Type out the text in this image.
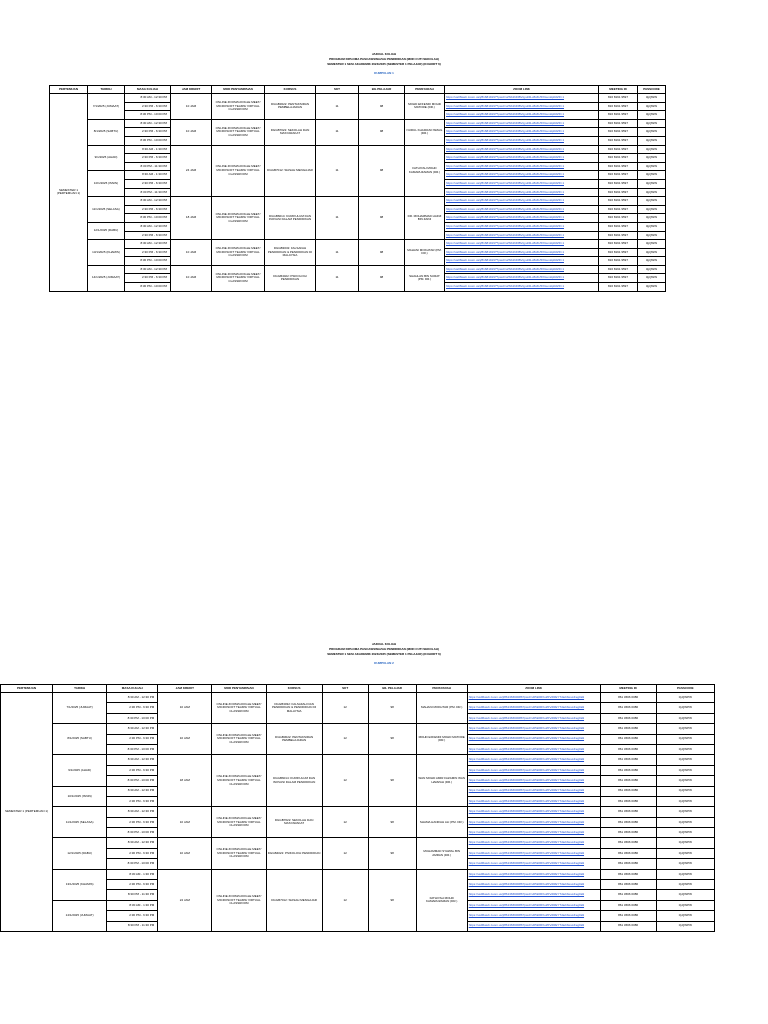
JADUAL KULIAH
PROGRAM DIPLOMA PASCASISWAZAH PENDIDIKAN (MOD CUTI SEKOLAH)
SEMESTER 1 SESI AKADEMIK 2024/2025 (SEMESTER 1 PELAJAR) (KOHORT 6)
KUMPULAN 1
PERTEMUAN	TARIKH	MASA KULIAH	JAM KREDIT	MOD PENYAMPAIAN	KURSUS	SKT	BIL PELAJAR	PENSYARAH	ZOOM LINK	MEETING ID	PASSCODE
SEMESTER 1 (PERTEMUAN 1)	7/1/2025 (JUMAAT)	8:30 AM - 12:30 PM	10 JAM	ONLINE ZOOM/GOOGLE MEET/ MICROSOFT TEAMS/ VIRTUAL CLASSROOM	DGGB3022: PENTAKSIRAN PEMBELAJARAN	11	98	MOHD EFFENDI MOHD MATORE (DR.)	https://us06web.zoom.us/j/81681919??pwd=xZNb1NDBVqyuDlLx8s6U5XGunHpb0ZFI.1	816 8191 9597	ifgQWW
		2:30 PM - 6:30 PM							https://us06web.zoom.us/j/81681919??pwd=xZNb1NDBVqyuDlLx8s6U5XGunHpb0ZFI.1	816 8191 9597	ifgQWW
		8:30 PM - 10:00 PM							https://us06web.zoom.us/j/81681919??pwd=xZNb1NDBVqyuDlLx8s6U5XGunHpb0ZFI.1	816 8191 9597	ifgQWW
	8/1/2025 (SABTU)	8:30 AM - 12:30 PM	10 JAM	ONLINE ZOOM/GOOGLE MEET/ MICROSOFT TEAMS/ VIRTUAL CLASSROOM	DGGB7022: SEKOLAH DAN MASYARAKAT	11	98	NURUL KHAIRANI ISMAIL (DR.)	https://us06web.zoom.us/j/81681919??pwd=xZNb1NDBVqyuDlLx8s6U5XGunHpb0ZFI.1	816 8191 9597	ifgQWW
		2:30 PM - 6:30 PM							https://us06web.zoom.us/j/81681919??pwd=xZNb1NDBVqyuDlLx8s6U5XGunHpb0ZFI.1	816 8191 9597	ifgQWW
		8:30 PM - 10:00 PM							https://us06web.zoom.us/j/81681919??pwd=xZNb1NDBVqyuDlLx8s6U5XGunHpb0ZFI.1	816 8191 9597	ifgQWW
	9/1/2025 (AHAD)	8:30 AM - 1:30 PM	24 JAM	ONLINE ZOOM/GOOGLE MEET/ MICROSOFT TEAMS/ VIRTUAL CLASSROOM	DGGB7012: SIASAH MENGAJAR	11	98	FATHIYAH MOHD KAMARUZAMAN (DR.)	https://us06web.zoom.us/j/81681919??pwd=xZNb1NDBVqyuDlLx8s6U5XGunHpb0ZFI.1	816 8191 9597	ifgQWW
		2:30 PM - 6:30 PM							https://us06web.zoom.us/j/81681919??pwd=xZNb1NDBVqyuDlLx8s6U5XGunHpb0ZFI.1	816 8191 9597	ifgQWW
		8:30 PM - 11:30 PM							https://us06web.zoom.us/j/81681919??pwd=xZNb1NDBVqyuDlLx8s6U5XGunHpb0ZFI.1	816 8191 9597	ifgQWW
	10/1/2025 (ISNIN)	8:30 AM - 1:30 PM							https://us06web.zoom.us/j/81681919??pwd=xZNb1NDBVqyuDlLx8s6U5XGunHpb0ZFI.1	816 8191 9597	ifgQWW
		2:30 PM - 6:30 PM							https://us06web.zoom.us/j/81681919??pwd=xZNb1NDBVqyuDlLx8s6U5XGunHpb0ZFI.1	816 8191 9597	ifgQWW
		8:30 PM - 11:30 PM							https://us06web.zoom.us/j/81681919??pwd=xZNb1NDBVqyuDlLx8s6U5XGunHpb0ZFI.1	816 8191 9597	ifgQWW
	11/1/2025 (SELASA)	8:30 AM - 12:30 PM	18 JAM	ONLINE ZOOM/GOOGLE MEET/ MICROSOFT TEAMS/ VIRTUAL CLASSROOM	DGGB6014: KURIKULUM DAN INOVASI DALAM PENDIDIKAN	11	98	DR. MOHAMMAD HAFIZ BIN ZAINI	https://us06web.zoom.us/j/81681919??pwd=xZNb1NDBVqyuDlLx8s6U5XGunHpb0ZFI.1	816 8191 9597	ifgQWW
		2:30 PM - 6:30 PM							https://us06web.zoom.us/j/81681919??pwd=xZNb1NDBVqyuDlLx8s6U5XGunHpb0ZFI.1	816 8191 9597	ifgQWW
		8:30 PM - 10:00 PM							https://us06web.zoom.us/j/81681919??pwd=xZNb1NDBVqyuDlLx8s6U5XGunHpb0ZFI.1	816 8191 9597	ifgQWW
	12/1/2025 (RABU)	8:30 AM - 12:30 PM							https://us06web.zoom.us/j/81681919??pwd=xZNb1NDBVqyuDlLx8s6U5XGunHpb0ZFI.1	816 8191 9597	ifgQWW
		2:30 PM - 6:30 PM							https://us06web.zoom.us/j/81681919??pwd=xZNb1NDBVqyuDlLx8s6U5XGunHpb0ZFI.1	816 8191 9597	ifgQWW
	13/1/2025 (KHAMIS)	8:30 AM - 12:30 PM	10 JAM	ONLINE ZOOM/GOOGLE MEET/ MICROSOFT TEAMS/ VIRTUAL CLASSROOM	DGGB3032: FALSAFAH PENDIDIKAN & PENDIDIKAN DI MALAYSIA	11	98	MAHANI MOKHTAR (PM. DR.)	https://us06web.zoom.us/j/81681919??pwd=xZNb1NDBVqyuDlLx8s6U5XGunHpb0ZFI.1	816 8191 9597	ifgQWW
		2:30 PM - 6:30 PM							https://us06web.zoom.us/j/81681919??pwd=xZNb1NDBVqyuDlLx8s6U5XGunHpb0ZFI.1	816 8191 9597	ifgQWW
		8:30 PM - 10:00 PM							https://us06web.zoom.us/j/81681919??pwd=xZNb1NDBVqyuDlLx8s6U5XGunHpb0ZFI.1	816 8191 9597	ifgQWW
	14/1/2025 (JUMAAT)	8:30 AM - 12:30 PM	10 JAM	ONLINE ZOOM/GOOGLE MEET/ MICROSOFT TEAMS/ VIRTUAL CLASSROOM	DGGB4022: PSIKOLOGI PENDIDIKAN	11	98	SHAHLAN BIN SURAT (PM. DR.)	https://us06web.zoom.us/j/81681919??pwd=xZNb1NDBVqyuDlLx8s6U5XGunHpb0ZFI.1	816 8191 9597	ifgQWW
		2:30 PM - 6:30 PM							https://us06web.zoom.us/j/81681919??pwd=xZNb1NDBVqyuDlLx8s6U5XGunHpb0ZFI.1	816 8191 9597	ifgQWW
		8:30 PM - 10:00 PM							https://us06web.zoom.us/j/81681919??pwd=xZNb1NDBVqyuDlLx8s6U5XGunHpb0ZFI.1	816 8191 9597	ifgQWW
JADUAL KULIAH
PROGRAM DIPLOMA PASCASISWAZAH PENDIDIKAN (MOD CUTI SEKOLAH)
SEMESTER 1 SESI AKADEMIK 2024/2025 (SEMESTER 1 PELAJAR) (KOHORT 6)
KUMPULAN 2
PERTEMUAN	TARIKH	MASA KULIAH	JAM KREDIT	MOD PENYAMPAIAN	KURSUS	SKT	BIL PELAJAR	PENSYARAH	ZOOM LINK	MEETING ID	PASSCODE
SEMESTER 1 (PERTEMUAN 1)	7/1/2025 (JUMAAT)	8:30 AM - 12:30 PM	10 JAM	ONLINE ZOOM/GOOGLE MEET/ MICROSOFT TEAMS/ VIRTUAL CLASSROOM	DGGB3032: FALSAFAH DAN PENDIDIKAN & PENDIDIKAN DI MALAYSIA	12	98	MAHANI MOKHTAR (PM. DR.)	https://us06web.zoom.us/j/86136660086?pwd=vD5k0RXuZFVdREYTdiebbwuxFeg0a9	861 3666 0086	0yQWPW
		2:30 PM - 6:30 PM							https://us06web.zoom.us/j/86136660086?pwd=vD5k0RXuZFVdREYTdiebbwuxFeg0a9	861 3666 0086	0yQWPW
		8:30 PM - 10:00 PM							https://us06web.zoom.us/j/86136660086?pwd=vD5k0RXuZFVdREYTdiebbwuxFeg0a9	861 3666 0086	0yQWPW
	8/1/2025 (SABTU)	8:30 AM - 12:30 PM	10 JAM	ONLINE ZOOM/GOOGLE MEET/ MICROSOFT TEAMS/ VIRTUAL CLASSROOM	DGGB3022: PENTAKSIRAN PEMBELAJARAN	12	98	MOHD EFFENDI MOHD MATORE (DR.)	https://us06web.zoom.us/j/86136660086?pwd=vD5k0RXuZFVdREYTdiebbwuxFeg0a9	861 3666 0086	0yQWPW
		2:30 PM - 6:30 PM							https://us06web.zoom.us/j/86136660086?pwd=vD5k0RXuZFVdREYTdiebbwuxFeg0a9	861 3666 0086	0yQWPW
		8:30 PM - 10:00 PM							https://us06web.zoom.us/j/86136660086?pwd=vD5k0RXuZFVdREYTdiebbwuxFeg0a9	861 3666 0086	0yQWPW
	9/1/2025 (AHAD)	8:30 AM - 12:30 PM	18 JAM	ONLINE ZOOM/GOOGLE MEET/ MICROSOFT TEAMS/ VIRTUAL CLASSROOM	DGGB6014: KURIKULUM DAN INOVASI DALAM PENDIDIKAN	12	98	WAN MOHD AMIR FAZAMIN WAN HAMZAH (DR.)	https://us06web.zoom.us/j/86136660086?pwd=vD5k0RXuZFVdREYTdiebbwuxFeg0a9	861 3666 0086	0yQWPW
		2:30 PM - 6:30 PM							https://us06web.zoom.us/j/86136660086?pwd=vD5k0RXuZFVdREYTdiebbwuxFeg0a9	861 3666 0086	0yQWPW
		8:30 PM - 10:00 PM							https://us06web.zoom.us/j/86136660086?pwd=vD5k0RXuZFVdREYTdiebbwuxFeg0a9	861 3666 0086	0yQWPW
	10/1/2025 (ISNIN)	8:30 AM - 12:30 PM							https://us06web.zoom.us/j/86136660086?pwd=vD5k0RXuZFVdREYTdiebbwuxFeg0a9	861 3666 0086	0yQWPW
		2:30 PM - 6:30 PM							https://us06web.zoom.us/j/86136660086?pwd=vD5k0RXuZFVdREYTdiebbwuxFeg0a9	861 3666 0086	0yQWPW
	11/1/2025 (SELASA)	8:30 AM - 12:30 PM	10 JAM	ONLINE ZOOM/GOOGLE MEET/ MICROSOFT TEAMS/ VIRTUAL CLASSROOM	DGGB7022: SEKOLAH DAN MASYARAKAT	12	98	SHAMA HANIFAH ALI (PM. DR.)	https://us06web.zoom.us/j/86136660086?pwd=vD5k0RXuZFVdREYTdiebbwuxFeg0a9	861 3666 0086	0yQWPW
		2:30 PM - 6:30 PM							https://us06web.zoom.us/j/86136660086?pwd=vD5k0RXuZFVdREYTdiebbwuxFeg0a9	861 3666 0086	0yQWPW
		8:30 PM - 10:00 PM							https://us06web.zoom.us/j/86136660086?pwd=vD5k0RXuZFVdREYTdiebbwuxFeg0a9	861 3666 0086	0yQWPW
	12/1/2025 (RABU)	8:30 AM - 12:30 PM	10 JAM	ONLINE ZOOM/GOOGLE MEET/ MICROSOFT TEAMS/ VIRTUAL CLASSROOM	DGGB4022: PSIKOLOGI PENDIDIKAN	12	98	MUHAMMAD SYAWAL BIN AMRAN (DR.)	https://us06web.zoom.us/j/86136660086?pwd=vD5k0RXuZFVdREYTdiebbwuxFeg0a9	861 3666 0086	0yQWPW
		2:30 PM - 6:30 PM							https://us06web.zoom.us/j/86136660086?pwd=vD5k0RXuZFVdREYTdiebbwuxFeg0a9	861 3666 0086	0yQWPW
		8:30 PM - 10:00 PM							https://us06web.zoom.us/j/86136660086?pwd=vD5k0RXuZFVdREYTdiebbwuxFeg0a9	861 3666 0086	0yQWPW
	13/1/2025 (KHAMIS)	8:30 AM - 1:30 PM	24 JAM	ONLINE ZOOM/GOOGLE MEET/ MICROSOFT TEAMS/ VIRTUAL CLASSROOM	DGGB7012: SIASAH MENGAJAR	12	98	FATHIYAH MOHD KAMARUZAMAN (DR.)	https://us06web.zoom.us/j/86136660086?pwd=vD5k0RXuZFVdREYTdiebbwuxFeg0a9	861 3666 0086	0yQWPW
		2:30 PM - 6:30 PM							https://us06web.zoom.us/j/86136660086?pwd=vD5k0RXuZFVdREYTdiebbwuxFeg0a9	861 3666 0086	0yQWPW
		8:30 PM - 11:30 PM							https://us06web.zoom.us/j/86136660086?pwd=vD5k0RXuZFVdREYTdiebbwuxFeg0a9	861 3666 0086	0yQWPW
	14/1/2025 (JUMAAT)	8:30 AM - 1:30 PM							https://us06web.zoom.us/j/86136660086?pwd=vD5k0RXuZFVdREYTdiebbwuxFeg0a9	861 3666 0086	0yQWPW
		2:30 PM - 6:30 PM							https://us06web.zoom.us/j/86136660086?pwd=vD5k0RXuZFVdREYTdiebbwuxFeg0a9	861 3666 0086	0yQWPW
		8:30 PM - 11:30 PM							https://us06web.zoom.us/j/86136660086?pwd=vD5k0RXuZFVdREYTdiebbwuxFeg0a9	861 3666 0086	0yQWPW
